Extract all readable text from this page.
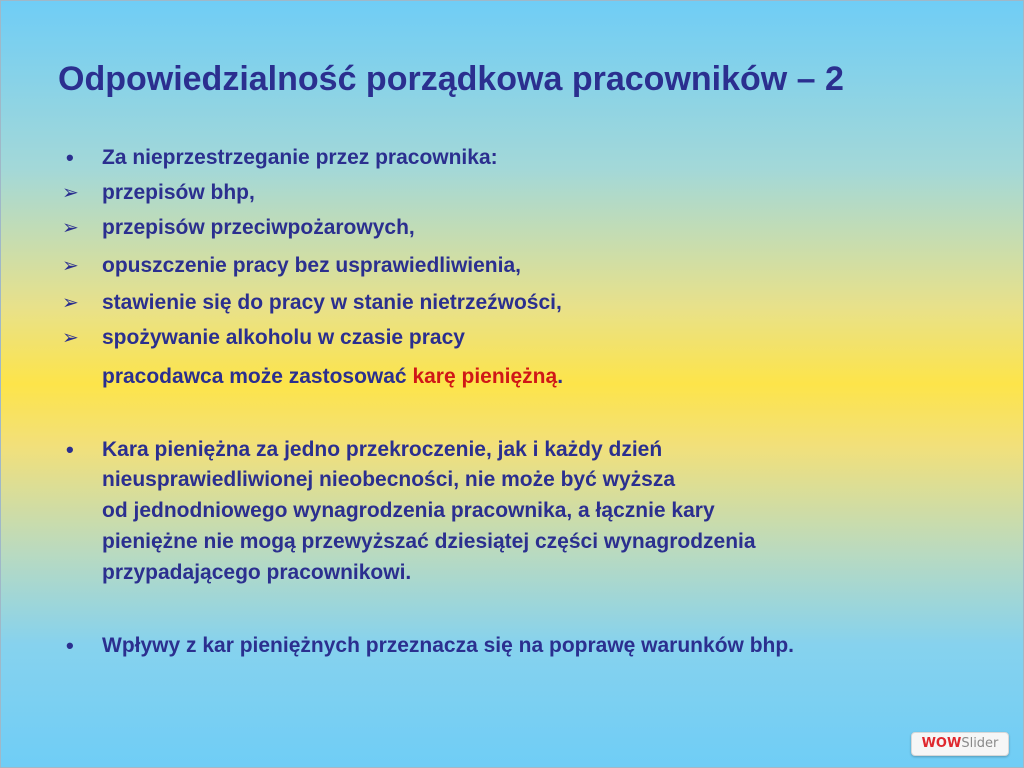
Odpowiedzialność porządkowa pracowników – 2
• Za nieprzestrzeganie przez pracownika:

➢ przepisów bhp,

➢ przepisów przeciwpożarowych,

➢ opuszczenie pracy bez usprawiedliwienia,

➢ stawienie się do pracy w stanie nietrzeźwości,

➢ spożywanie alkoholu w czasie pracy

pracodawca może zastosować karę pieniężną.

• Kara pieniężna za jedno przekroczenie, jak i każdy dzień

nieusprawiedliwionej nieobecności, nie może być wyższa

od jednodniowego wynagrodzenia pracownika, a łącznie kary

pieniężne nie mogą przewyższać dziesiątej części wynagrodzenia

przypadającego pracownikowi.

• Wpływy z kar pieniężnych przeznacza się na poprawę warunków bhp.

WOWSlider
